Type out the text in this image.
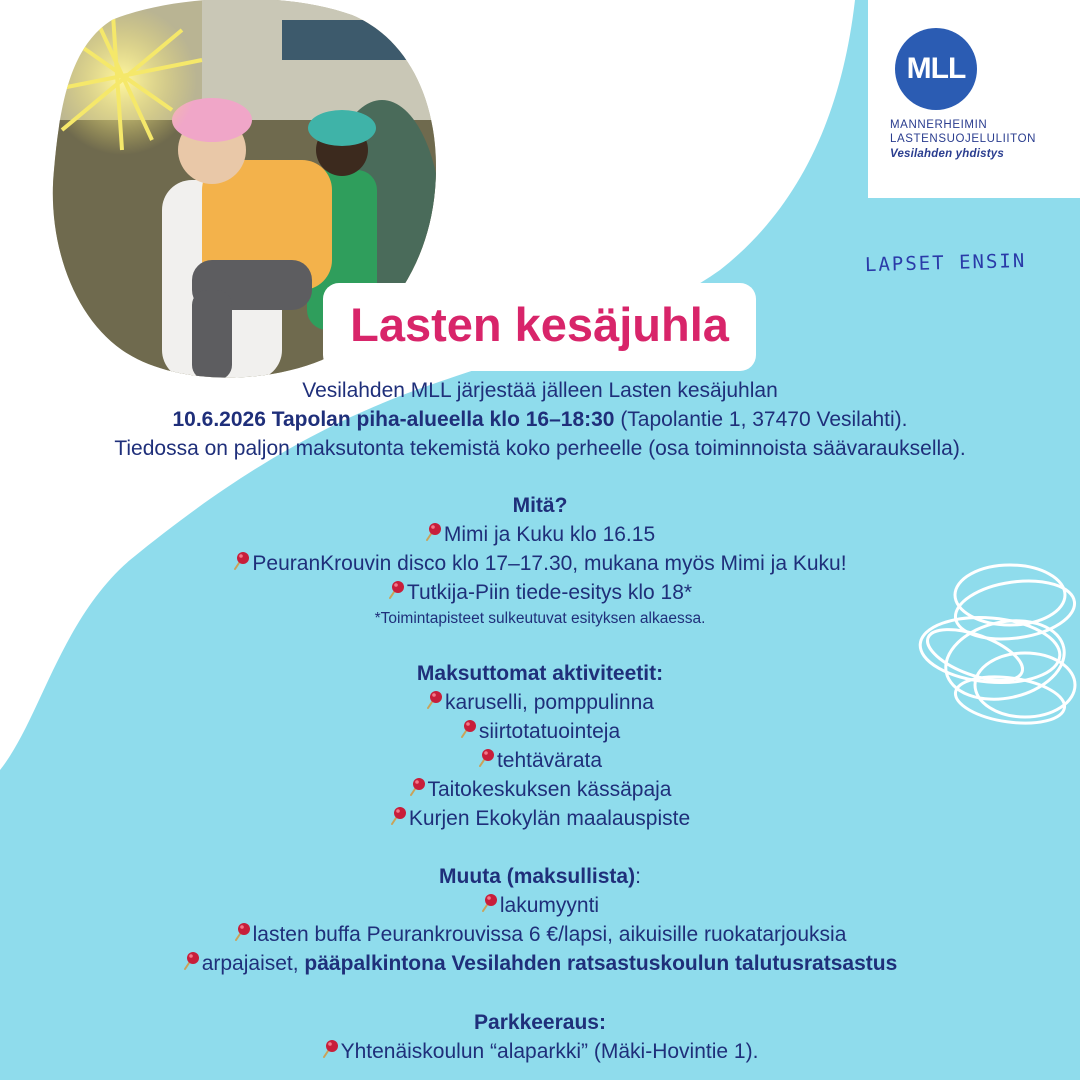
MLL
MANNERHEIMIN
LASTENSUOJELULIITON
Vesilahden yhdistys
LAPSET ENSIN
Lasten kesäjuhla
Vesilahden MLL järjestää jälleen Lasten kesäjuhlan
10.6.2026 Tapolan piha-alueella klo 16–18:30 (Tapolantie 1, 37470 Vesilahti).
Tiedossa on paljon maksutonta tekemistä koko perheelle (osa toiminnoista säävarauksella).
Mitä?
Mimi ja Kuku klo 16.15
PeuranKrouvin disco klo 17–17.30, mukana myös Mimi ja Kuku!
Tutkija-Piin tiede-esitys klo 18*
*Toimintapisteet sulkeutuvat esityksen alkaessa.
Maksuttomat aktiviteetit:
karuselli, pomppulinna
siirtotatuointeja
tehtävärata
Taitokeskuksen kässäpaja
Kurjen Ekokylän maalauspiste
Muuta (maksullista):
lakumyynti
lasten buffa Peurankrouvissa 6 €/lapsi, aikuisille ruokatarjouksia
arpajaiset, pääpalkintona Vesilahden ratsastuskoulun talutusratsastus
Parkkeeraus:
Yhtenäiskoulun “alaparkki” (Mäki-Hovintie 1).
